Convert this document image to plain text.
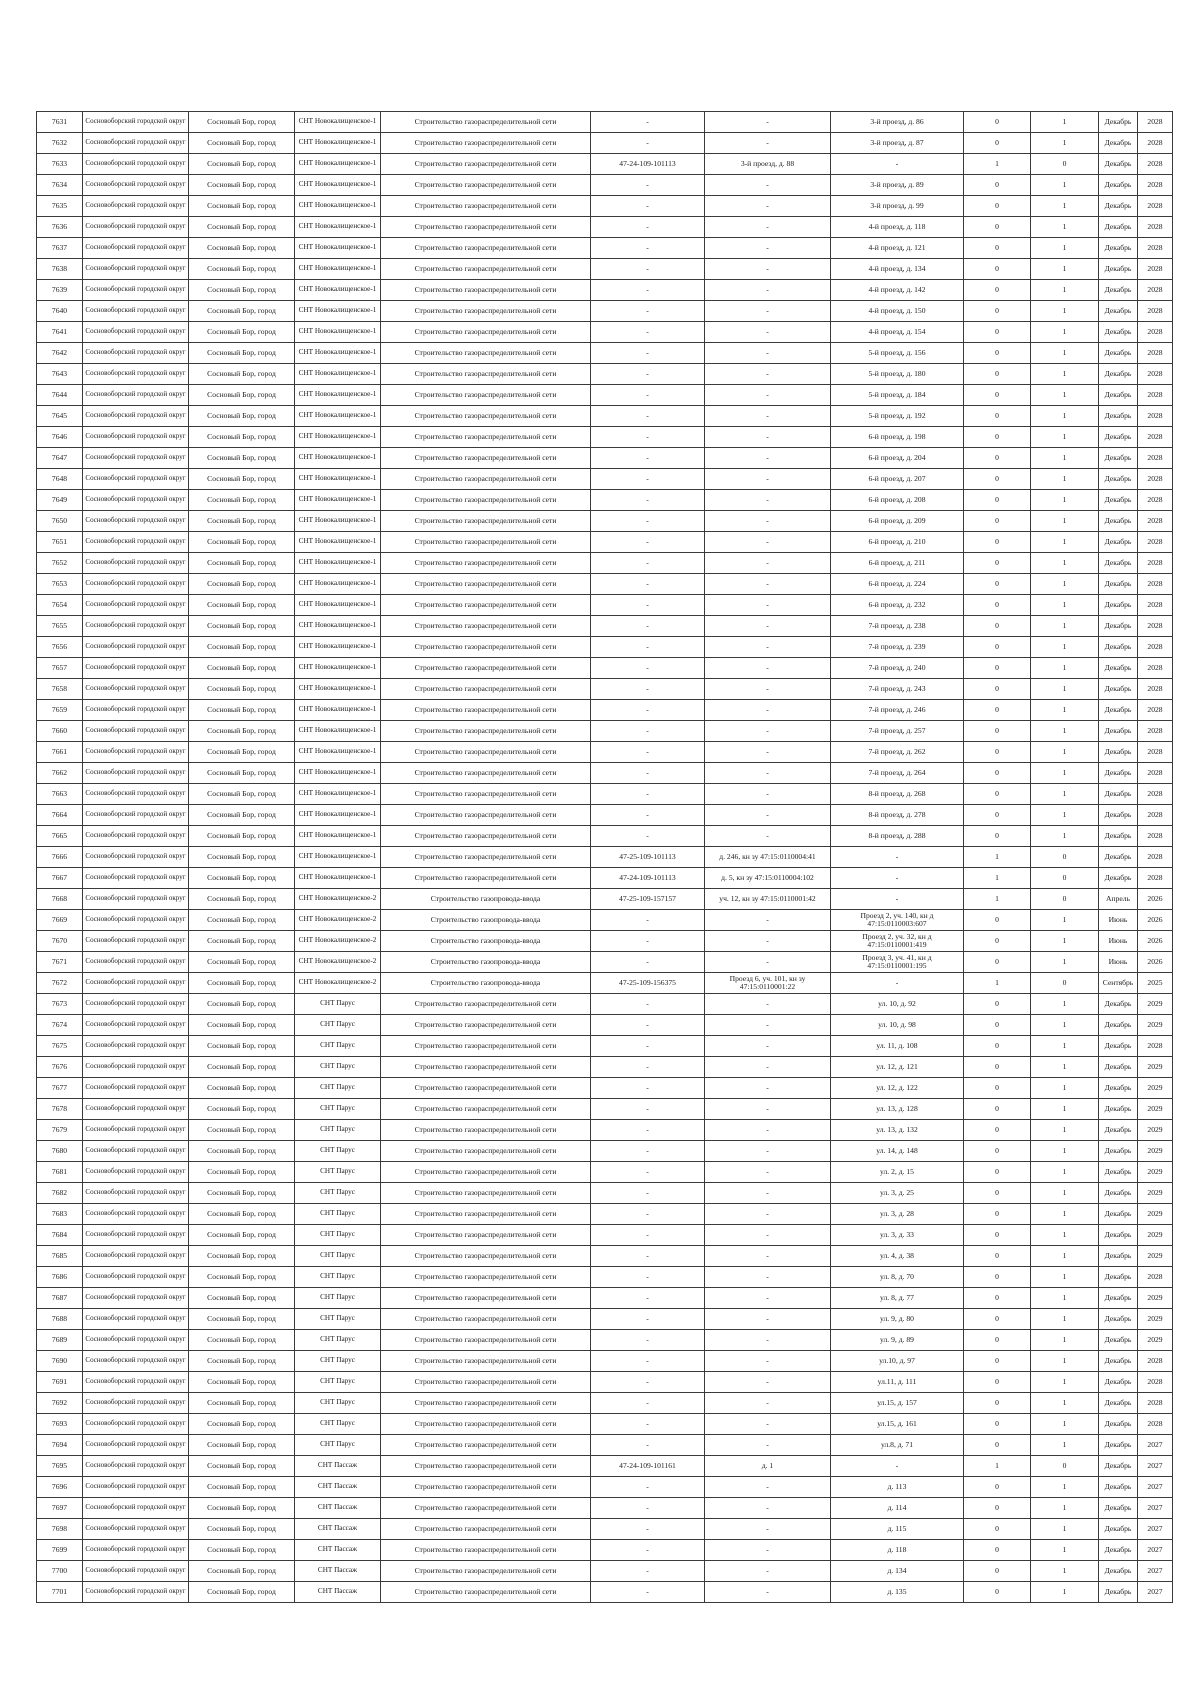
7631	Сосновоборский городской округ	Сосновый Бор, город	СНТ Новокалищенское-1	Строительство газораспределительной сети	-	-	3-й проезд, д. 86	0	1	Декабрь	2028
7632	Сосновоборский городской округ	Сосновый Бор, город	СНТ Новокалищенское-1	Строительство газораспределительной сети	-	-	3-й проезд, д. 87	0	1	Декабрь	2028
7633	Сосновоборский городской округ	Сосновый Бор, город	СНТ Новокалищенское-1	Строительство газораспределительной сети	47-24-109-101113	3-й проезд, д. 88	-	1	0	Декабрь	2028
7634	Сосновоборский городской округ	Сосновый Бор, город	СНТ Новокалищенское-1	Строительство газораспределительной сети	-	-	3-й проезд, д. 89	0	1	Декабрь	2028
7635	Сосновоборский городской округ	Сосновый Бор, город	СНТ Новокалищенское-1	Строительство газораспределительной сети	-	-	3-й проезд, д. 99	0	1	Декабрь	2028
7636	Сосновоборский городской округ	Сосновый Бор, город	СНТ Новокалищенское-1	Строительство газораспределительной сети	-	-	4-й проезд, д. 118	0	1	Декабрь	2028
7637	Сосновоборский городской округ	Сосновый Бор, город	СНТ Новокалищенское-1	Строительство газораспределительной сети	-	-	4-й проезд, д. 121	0	1	Декабрь	2028
7638	Сосновоборский городской округ	Сосновый Бор, город	СНТ Новокалищенское-1	Строительство газораспределительной сети	-	-	4-й проезд, д. 134	0	1	Декабрь	2028
7639	Сосновоборский городской округ	Сосновый Бор, город	СНТ Новокалищенское-1	Строительство газораспределительной сети	-	-	4-й проезд, д. 142	0	1	Декабрь	2028
7640	Сосновоборский городской округ	Сосновый Бор, город	СНТ Новокалищенское-1	Строительство газораспределительной сети	-	-	4-й проезд, д. 150	0	1	Декабрь	2028
7641	Сосновоборский городской округ	Сосновый Бор, город	СНТ Новокалищенское-1	Строительство газораспределительной сети	-	-	4-й проезд, д. 154	0	1	Декабрь	2028
7642	Сосновоборский городской округ	Сосновый Бор, город	СНТ Новокалищенское-1	Строительство газораспределительной сети	-	-	5-й проезд, д. 156	0	1	Декабрь	2028
7643	Сосновоборский городской округ	Сосновый Бор, город	СНТ Новокалищенское-1	Строительство газораспределительной сети	-	-	5-й проезд, д. 180	0	1	Декабрь	2028
7644	Сосновоборский городской округ	Сосновый Бор, город	СНТ Новокалищенское-1	Строительство газораспределительной сети	-	-	5-й проезд, д. 184	0	1	Декабрь	2028
7645	Сосновоборский городской округ	Сосновый Бор, город	СНТ Новокалищенское-1	Строительство газораспределительной сети	-	-	5-й проезд, д. 192	0	1	Декабрь	2028
7646	Сосновоборский городской округ	Сосновый Бор, город	СНТ Новокалищенское-1	Строительство газораспределительной сети	-	-	6-й проезд, д. 198	0	1	Декабрь	2028
7647	Сосновоборский городской округ	Сосновый Бор, город	СНТ Новокалищенское-1	Строительство газораспределительной сети	-	-	6-й проезд, д. 204	0	1	Декабрь	2028
7648	Сосновоборский городской округ	Сосновый Бор, город	СНТ Новокалищенское-1	Строительство газораспределительной сети	-	-	6-й проезд, д. 207	0	1	Декабрь	2028
7649	Сосновоборский городской округ	Сосновый Бор, город	СНТ Новокалищенское-1	Строительство газораспределительной сети	-	-	6-й проезд, д. 208	0	1	Декабрь	2028
7650	Сосновоборский городской округ	Сосновый Бор, город	СНТ Новокалищенское-1	Строительство газораспределительной сети	-	-	6-й проезд, д. 209	0	1	Декабрь	2028
7651	Сосновоборский городской округ	Сосновый Бор, город	СНТ Новокалищенское-1	Строительство газораспределительной сети	-	-	6-й проезд, д. 210	0	1	Декабрь	2028
7652	Сосновоборский городской округ	Сосновый Бор, город	СНТ Новокалищенское-1	Строительство газораспределительной сети	-	-	6-й проезд, д. 211	0	1	Декабрь	2028
7653	Сосновоборский городской округ	Сосновый Бор, город	СНТ Новокалищенское-1	Строительство газораспределительной сети	-	-	6-й проезд, д. 224	0	1	Декабрь	2028
7654	Сосновоборский городской округ	Сосновый Бор, город	СНТ Новокалищенское-1	Строительство газораспределительной сети	-	-	6-й проезд, д. 232	0	1	Декабрь	2028
7655	Сосновоборский городской округ	Сосновый Бор, город	СНТ Новокалищенское-1	Строительство газораспределительной сети	-	-	7-й проезд, д. 238	0	1	Декабрь	2028
7656	Сосновоборский городской округ	Сосновый Бор, город	СНТ Новокалищенское-1	Строительство газораспределительной сети	-	-	7-й проезд, д. 239	0	1	Декабрь	2028
7657	Сосновоборский городской округ	Сосновый Бор, город	СНТ Новокалищенское-1	Строительство газораспределительной сети	-	-	7-й проезд, д. 240	0	1	Декабрь	2028
7658	Сосновоборский городской округ	Сосновый Бор, город	СНТ Новокалищенское-1	Строительство газораспределительной сети	-	-	7-й проезд, д. 243	0	1	Декабрь	2028
7659	Сосновоборский городской округ	Сосновый Бор, город	СНТ Новокалищенское-1	Строительство газораспределительной сети	-	-	7-й проезд, д. 246	0	1	Декабрь	2028
7660	Сосновоборский городской округ	Сосновый Бор, город	СНТ Новокалищенское-1	Строительство газораспределительной сети	-	-	7-й проезд, д. 257	0	1	Декабрь	2028
7661	Сосновоборский городской округ	Сосновый Бор, город	СНТ Новокалищенское-1	Строительство газораспределительной сети	-	-	7-й проезд, д. 262	0	1	Декабрь	2028
7662	Сосновоборский городской округ	Сосновый Бор, город	СНТ Новокалищенское-1	Строительство газораспределительной сети	-	-	7-й проезд, д. 264	0	1	Декабрь	2028
7663	Сосновоборский городской округ	Сосновый Бор, город	СНТ Новокалищенское-1	Строительство газораспределительной сети	-	-	8-й проезд, д. 268	0	1	Декабрь	2028
7664	Сосновоборский городской округ	Сосновый Бор, город	СНТ Новокалищенское-1	Строительство газораспределительной сети	-	-	8-й проезд, д. 278	0	1	Декабрь	2028
7665	Сосновоборский городской округ	Сосновый Бор, город	СНТ Новокалищенское-1	Строительство газораспределительной сети	-	-	8-й проезд, д. 288	0	1	Декабрь	2028
7666	Сосновоборский городской округ	Сосновый Бор, город	СНТ Новокалищенское-1	Строительство газораспределительной сети	47-25-109-101113	д. 246, кн зу 47:15:0110004:41	-	1	0	Декабрь	2028
7667	Сосновоборский городской округ	Сосновый Бор, город	СНТ Новокалищенское-1	Строительство газораспределительной сети	47-24-109-101113	д. 5, кн зу 47:15:0110004:102	-	1	0	Декабрь	2028
7668	Сосновоборский городской округ	Сосновый Бор, город	СНТ Новокалищенское-2	Строительство газопровода-ввода	47-25-109-157157	уч. 12, кн зу 47:15:0110001:42	-	1	0	Апрель	2026
7669	Сосновоборский городской округ	Сосновый Бор, город	СНТ Новокалищенское-2	Строительство газопровода-ввода	-	-	Проезд 2, уч. 140, кн д 47:15:0110003:607	0	1	Июнь	2026
7670	Сосновоборский городской округ	Сосновый Бор, город	СНТ Новокалищенское-2	Строительство газопровода-ввода	-	-	Проезд 2, уч. 32, кн д 47:15:0110001:419	0	1	Июнь	2026
7671	Сосновоборский городской округ	Сосновый Бор, город	СНТ Новокалищенское-2	Строительство газопровода-ввода	-	-	Проезд 3, уч. 41, кн д 47:15:0110001:195	0	1	Июнь	2026
7672	Сосновоборский городской округ	Сосновый Бор, город	СНТ Новокалищенское-2	Строительство газопровода-ввода	47-25-109-156375	Проезд 6, уч. 101, кн зу 47:15:0110001:22	-	1	0	Сентябрь	2025
7673	Сосновоборский городской округ	Сосновый Бор, город	СНТ Парус	Строительство газораспределительной сети	-	-	ул. 10, д. 92	0	1	Декабрь	2029
7674	Сосновоборский городской округ	Сосновый Бор, город	СНТ Парус	Строительство газораспределительной сети	-	-	ул. 10, д. 98	0	1	Декабрь	2029
7675	Сосновоборский городской округ	Сосновый Бор, город	СНТ Парус	Строительство газораспределительной сети	-	-	ул. 11, д. 108	0	1	Декабрь	2028
7676	Сосновоборский городской округ	Сосновый Бор, город	СНТ Парус	Строительство газораспределительной сети	-	-	ул. 12, д. 121	0	1	Декабрь	2029
7677	Сосновоборский городской округ	Сосновый Бор, город	СНТ Парус	Строительство газораспределительной сети	-	-	ул. 12, д. 122	0	1	Декабрь	2029
7678	Сосновоборский городской округ	Сосновый Бор, город	СНТ Парус	Строительство газораспределительной сети	-	-	ул. 13, д. 128	0	1	Декабрь	2029
7679	Сосновоборский городской округ	Сосновый Бор, город	СНТ Парус	Строительство газораспределительной сети	-	-	ул. 13, д. 132	0	1	Декабрь	2029
7680	Сосновоборский городской округ	Сосновый Бор, город	СНТ Парус	Строительство газораспределительной сети	-	-	ул. 14, д. 148	0	1	Декабрь	2029
7681	Сосновоборский городской округ	Сосновый Бор, город	СНТ Парус	Строительство газораспределительной сети	-	-	ул. 2, д. 15	0	1	Декабрь	2029
7682	Сосновоборский городской округ	Сосновый Бор, город	СНТ Парус	Строительство газораспределительной сети	-	-	ул. 3, д. 25	0	1	Декабрь	2029
7683	Сосновоборский городской округ	Сосновый Бор, город	СНТ Парус	Строительство газораспределительной сети	-	-	ул. 3, д. 28	0	1	Декабрь	2029
7684	Сосновоборский городской округ	Сосновый Бор, город	СНТ Парус	Строительство газораспределительной сети	-	-	ул. 3, д. 33	0	1	Декабрь	2029
7685	Сосновоборский городской округ	Сосновый Бор, город	СНТ Парус	Строительство газораспределительной сети	-	-	ул. 4, д. 38	0	1	Декабрь	2029
7686	Сосновоборский городской округ	Сосновый Бор, город	СНТ Парус	Строительство газораспределительной сети	-	-	ул. 8, д. 70	0	1	Декабрь	2028
7687	Сосновоборский городской округ	Сосновый Бор, город	СНТ Парус	Строительство газораспределительной сети	-	-	ул. 8, д. 77	0	1	Декабрь	2029
7688	Сосновоборский городской округ	Сосновый Бор, город	СНТ Парус	Строительство газораспределительной сети	-	-	ул. 9, д. 80	0	1	Декабрь	2029
7689	Сосновоборский городской округ	Сосновый Бор, город	СНТ Парус	Строительство газораспределительной сети	-	-	ул. 9, д. 89	0	1	Декабрь	2029
7690	Сосновоборский городской округ	Сосновый Бор, город	СНТ Парус	Строительство газораспределительной сети	-	-	ул.10, д. 97	0	1	Декабрь	2028
7691	Сосновоборский городской округ	Сосновый Бор, город	СНТ Парус	Строительство газораспределительной сети	-	-	ул.11, д. 111	0	1	Декабрь	2028
7692	Сосновоборский городской округ	Сосновый Бор, город	СНТ Парус	Строительство газораспределительной сети	-	-	ул.15, д. 157	0	1	Декабрь	2028
7693	Сосновоборский городской округ	Сосновый Бор, город	СНТ Парус	Строительство газораспределительной сети	-	-	ул.15, д. 161	0	1	Декабрь	2028
7694	Сосновоборский городской округ	Сосновый Бор, город	СНТ Парус	Строительство газораспределительной сети	-	-	ул.8, д. 71	0	1	Декабрь	2027
7695	Сосновоборский городской округ	Сосновый Бор, город	СНТ Пассаж	Строительство газораспределительной сети	47-24-109-101161	д. 1	-	1	0	Декабрь	2027
7696	Сосновоборский городской округ	Сосновый Бор, город	СНТ Пассаж	Строительство газораспределительной сети	-	-	д. 113	0	1	Декабрь	2027
7697	Сосновоборский городской округ	Сосновый Бор, город	СНТ Пассаж	Строительство газораспределительной сети	-	-	д. 114	0	1	Декабрь	2027
7698	Сосновоборский городской округ	Сосновый Бор, город	СНТ Пассаж	Строительство газораспределительной сети	-	-	д. 115	0	1	Декабрь	2027
7699	Сосновоборский городской округ	Сосновый Бор, город	СНТ Пассаж	Строительство газораспределительной сети	-	-	д. 118	0	1	Декабрь	2027
7700	Сосновоборский городской округ	Сосновый Бор, город	СНТ Пассаж	Строительство газораспределительной сети	-	-	д. 134	0	1	Декабрь	2027
7701	Сосновоборский городской округ	Сосновый Бор, город	СНТ Пассаж	Строительство газораспределительной сети	-	-	д. 135	0	1	Декабрь	2027
